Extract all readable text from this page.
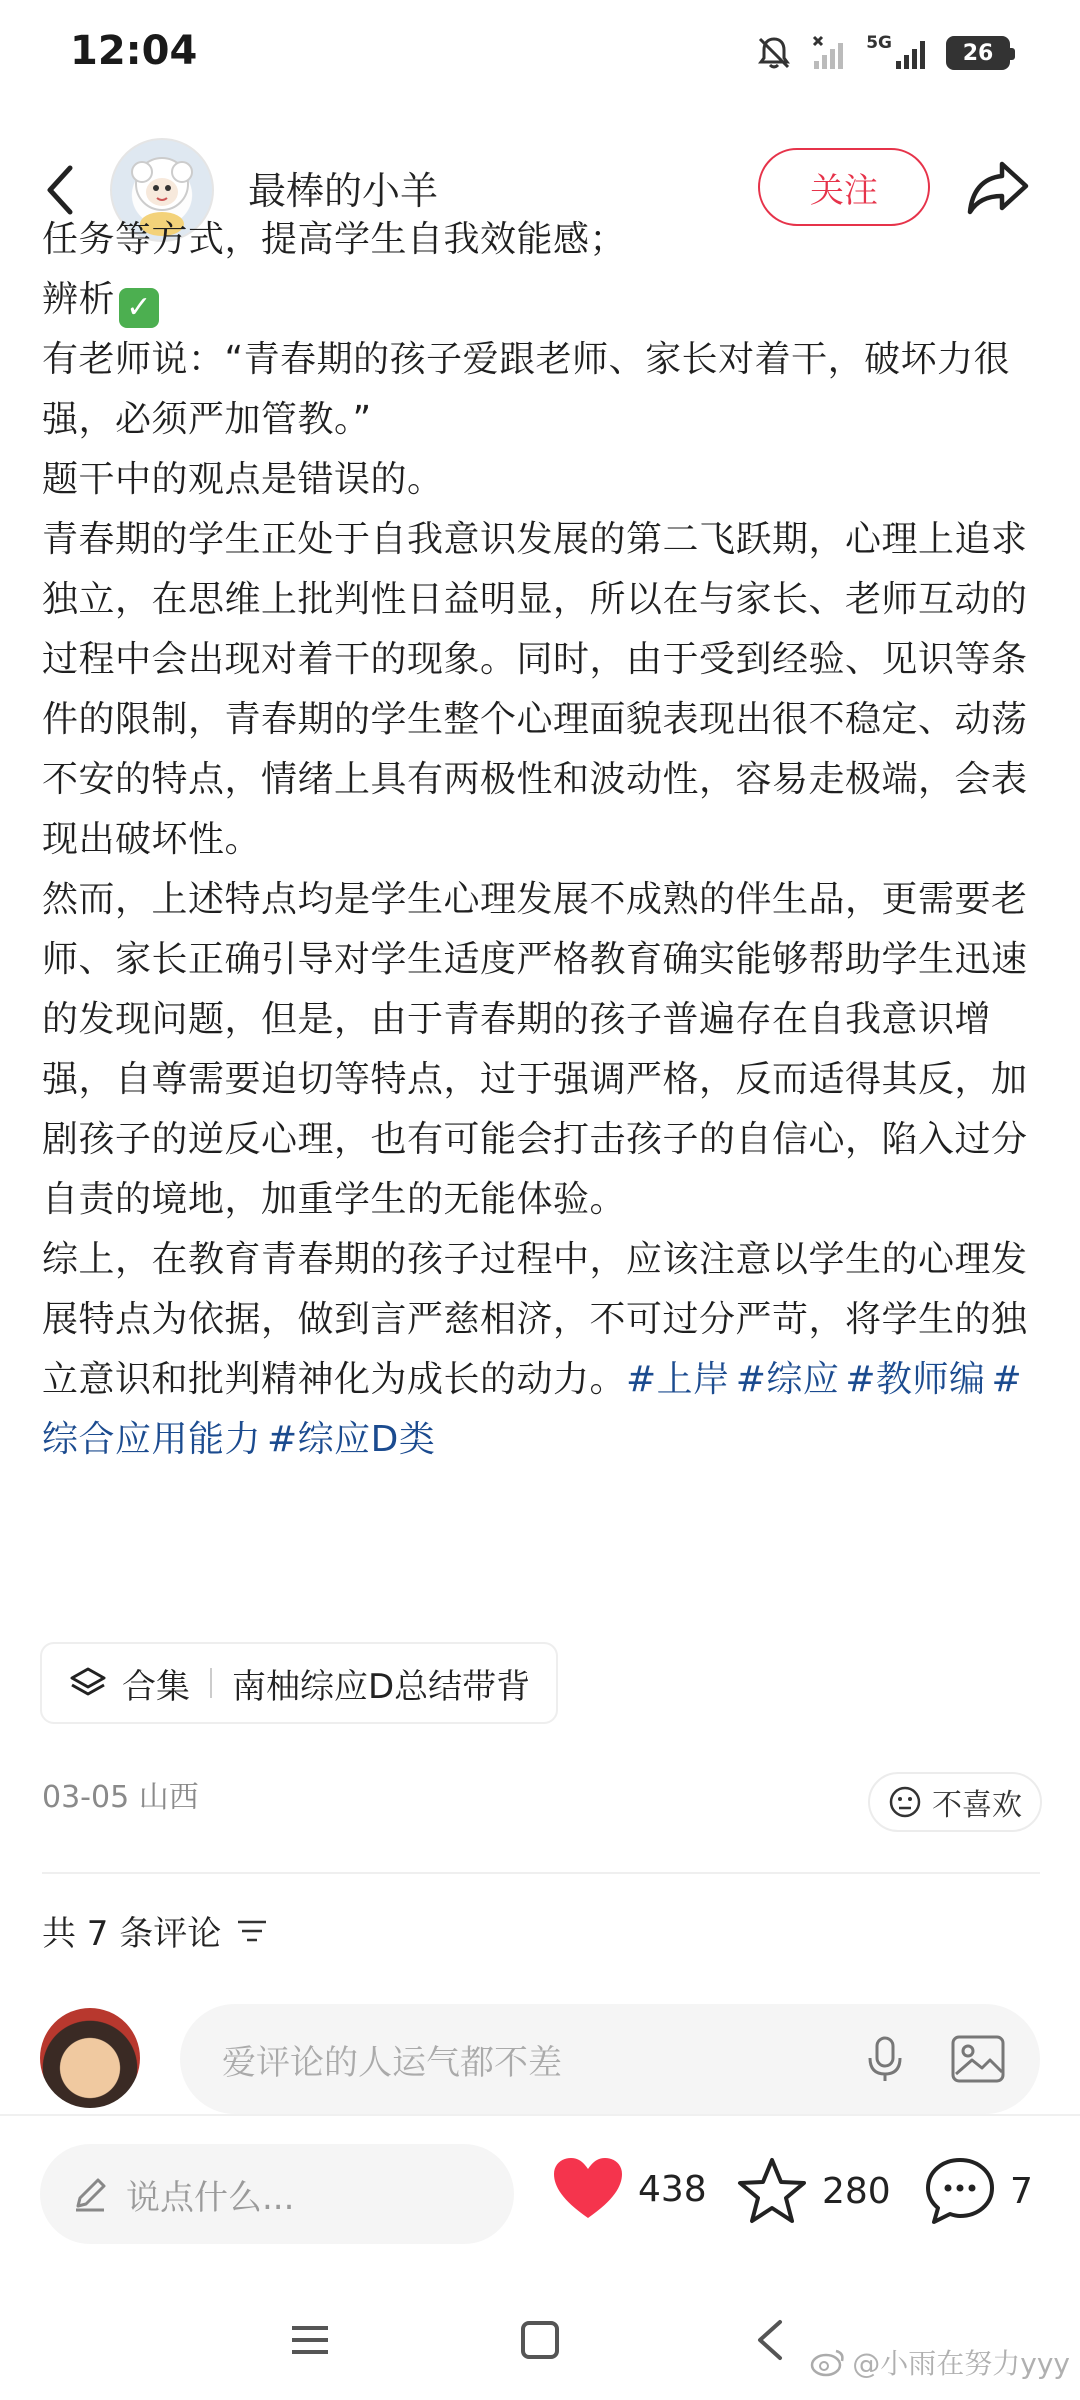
12:04	5G	26
最棒的小羊	关注
任务等方式，提高学生自我效能感；
辨析 ✓
有老师说：“青春期的孩子爱跟老师、家长对着干，破坏力很强，必须严加管教。”
题干中的观点是错误的。
青春期的学生正处于自我意识发展的第二飞跃期，心理上追求独立，在思维上批判性日益明显，所以在与家长、老师互动的过程中会出现对着干的现象。同时，由于受到经验、见识等条件的限制，青春期的学生整个心理面貌表现出很不稳定、动荡不安的特点，情绪上具有两极性和波动性，容易走极端，会表现出破坏性。
然而，上述特点均是学生心理发展不成熟的伴生品，更需要老师、家长正确引导对学生适度严格教育确实能够帮助学生迅速的发现问题，但是，由于青春期的孩子普遍存在自我意识增强，自尊需要迫切等特点，过于强调严格，反而适得其反，加剧孩子的逆反心理，也有可能会打击孩子的自信心，陷入过分自责的境地，加重学生的无能体验。
综上，在教育青春期的孩子过程中，应该注意以学生的心理发展特点为依据，做到言严慈相济，不可过分严苛，将学生的独立意识和批判精神化为成长的动力。#上岸 #综应 #教师编 #综合应用能力 #综应D类
合集 南柚综应D总结带背
03-05 山西	不喜欢
共 7 条评论
爱评论的人运气都不差
说点什么...	438	280	7
@小雨在努力yyy
